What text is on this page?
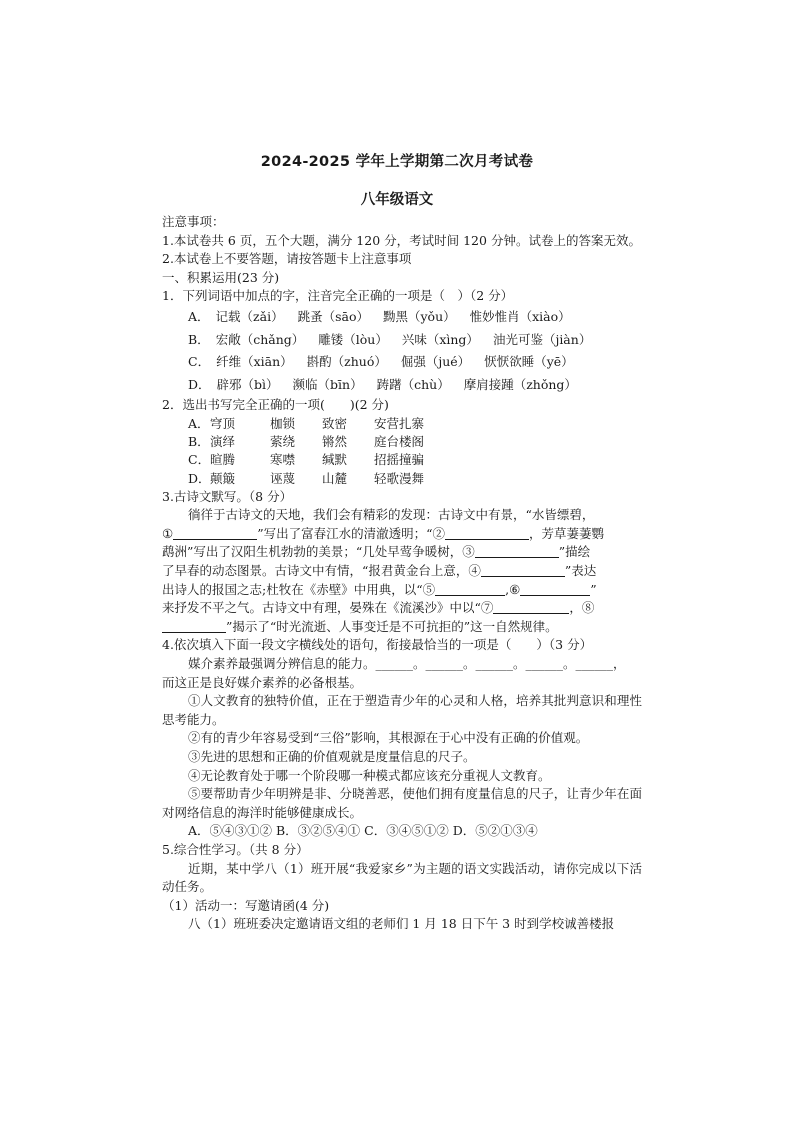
2024-2025 学年上学期第二次月考试卷
八年级语文
注意事项：
1.本试卷共 6 页，五个大题，满分 120 分，考试时间 120 分钟。试卷上的答案无效。
2.本试卷上不要答题，请按答题卡上注意事项
一、积累运用(23 分)
1．下列词语中加点的字，注音完全正确的一项是（　）（2 分）
A． 记载（zǎi） 跳蚤（sāo） 黝黑（yǒu） 惟妙惟肖（xiào）
B． 宏敞（chǎng） 雕镂（lòu） 兴味（xìng） 油光可鉴（jiàn）
C． 纤维（xiān） 斟酌（zhuó） 倔强（jué） 恹恹欲睡（yē）
D． 辟邪（bì） 濒临（bīn） 踌躇（chù） 摩肩接踵（zhǒng）
2．选出书写完全正确的一项(　　)(2 分)
A． 穹顶	枷锁	致密	安营扎寨
B． 演绎	萦绕	锵然	庭台楼阁
C． 暄腾	寒噤	缄默	招摇撞骗
D． 颠簸	诬蔑	山麓	轻歌漫舞
3.古诗文默写。（8 分）
徜徉于古诗文的天地，我们会有精彩的发现：古诗文中有景，“水皆缥碧，
①	”写出了富春江水的清澈透明；“②	，芳草萋萋鹦
鹉洲”写出了汉阳生机勃勃的美景；“几处早莺争暖树，③	”描绘
了早春的动态图景。古诗文中有情，“报君黄金台上意，④	”表达
出诗人的报国之志;杜牧在《赤壁》中用典，以“⑤	,⑥	”
来抒发不平之气。古诗文中有理，晏殊在《流溪沙》中以“⑦	，⑧
”揭示了“时光流逝、人事变迁是不可抗拒的”这一自然规律。
4.依次填入下面一段文字横线处的语句，衔接最恰当的一项是（　　）（3 分）
媒介素养最强调分辨信息的能力。______。______。______。______。______，
而这正是良好媒介素养的必备根基。
①人文教育的独特价值，正在于塑造青少年的心灵和人格，培养其批判意识和理性思考能力。
②有的青少年容易受到“三俗”影响，其根源在于心中没有正确的价值观。
③先进的思想和正确的价值观就是度量信息的尺子。
④无论教育处于哪一个阶段哪一种模式都应该充分重视人文教育。
⑤要帮助青少年明辨是非、分晓善恶，使他们拥有度量信息的尺子，让青少年在面对网络信息的海洋时能够健康成长。
A．⑤④③①② B．③②⑤④① C．③④⑤①② D．⑤②①③④
5.综合性学习。（共 8 分）
近期，某中学八（1）班开展“我爱家乡”为主题的语文实践活动，请你完成以下活动任务。
（1）活动一：写邀请函(4 分)
八（1）班班委决定邀请语文组的老师们 1 月 18 日下午 3 时到学校诚善楼报
